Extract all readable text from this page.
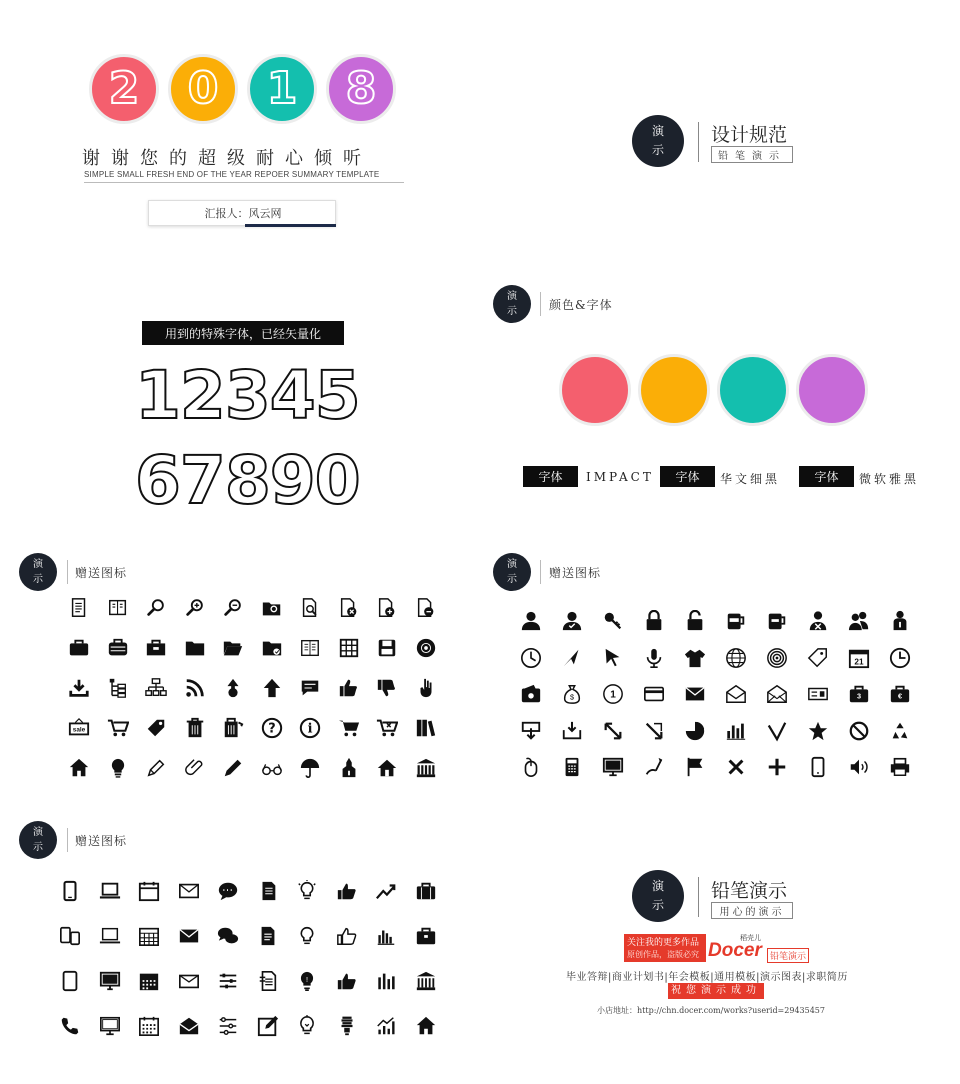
2 0 1 8
谢谢您的超级耐心倾听
SIMPLE SMALL FRESH END OF THE YEAR REPOER SUMMARY TEMPLATE
汇报人：风云网
演
示
设计规范
铅笔演示
用到的特殊字体，已经矢量化
12345
67890
演
示	颜色&字体
字体	IMPACT	字体	华文细黑	字体	微软雅黑
演
示	赠送图标
sale	? i
演
示	赠送图标
21
$	1	3	€
演
示	赠送图标
!
演
示
铅笔演示
用心的演示
关注我的更多作品
原创作品，盗版必究
稻壳儿
Docer 铅笔演示
毕业答辩|商业计划书|年会模板|通用模板|演示图表|求职简历
祝您演示成功
小店地址：http://chn.docer.com/works?userid=29435457
